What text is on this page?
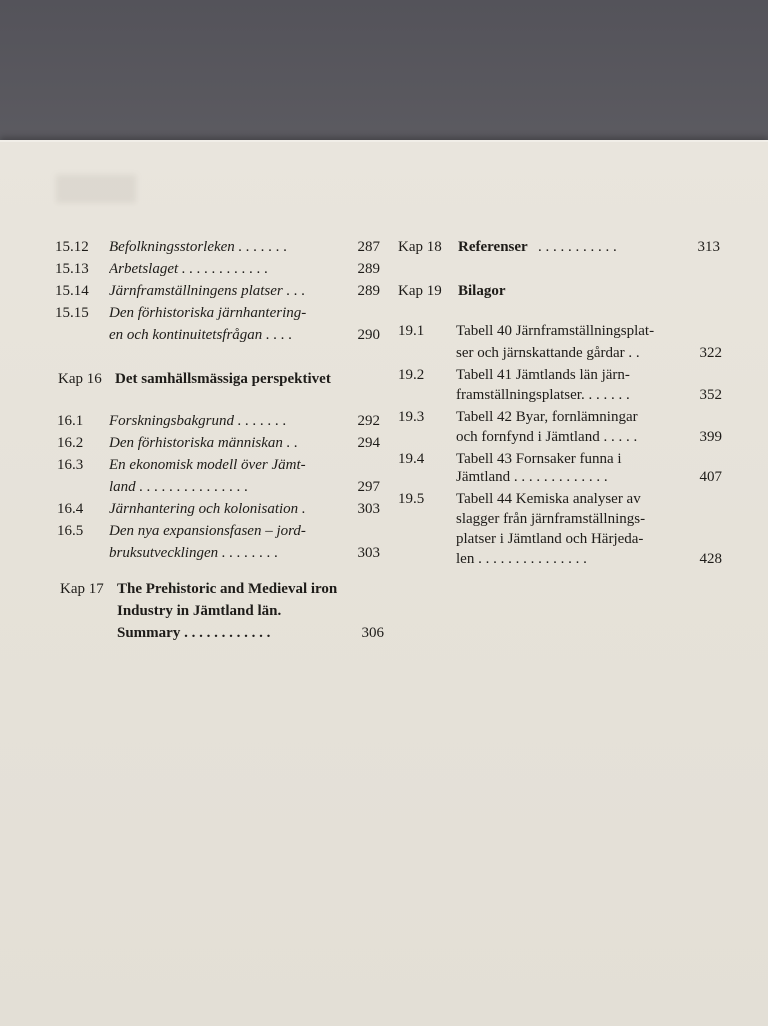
15.12 Befolkningsstorleken . . . . . . .	287
15.13 Arbetslaget . . . . . . . . . . . .	289
15.14 Järnframställningens platser . . .	289
15.15 Den förhistoriska järnhantering-
en och kontinuitetsfrågan . . . .	290
Kap 16 Det samhällsmässiga perspektivet
16.1 Forskningsbakgrund . . . . . . .	292
16.2 Den förhistoriska människan . .	294
16.3 En ekonomisk modell över Jämt-
land . . . . . . . . . . . . . . .	297
16.4 Järnhantering och kolonisation .	303
16.5 Den nya expansionsfasen – jord-
bruksutvecklingen . . . . . . . .	303
Kap 17 The Prehistoric and Medieval iron
Industry in Jämtland län.
Summary . . . . . . . . . . . .	306
Kap 18 Referenser . . . . . . . . . . .	313
Kap 19 Bilagor
19.1 Tabell 40 Järnframställningsplat-
ser och järnskattande gårdar . .	322
19.2 Tabell 41 Jämtlands län järn-
framställningsplatser. . . . . . .	352
19.3 Tabell 42 Byar, fornlämningar
och fornfynd i Jämtland . . . . .	399
19.4 Tabell 43 Fornsaker funna i
Jämtland . . . . . . . . . . . . .	407
19.5 Tabell 44 Kemiska analyser av
slagger från järnframställnings-
platser i Jämtland och Härjeda-
len . . . . . . . . . . . . . . .	428
